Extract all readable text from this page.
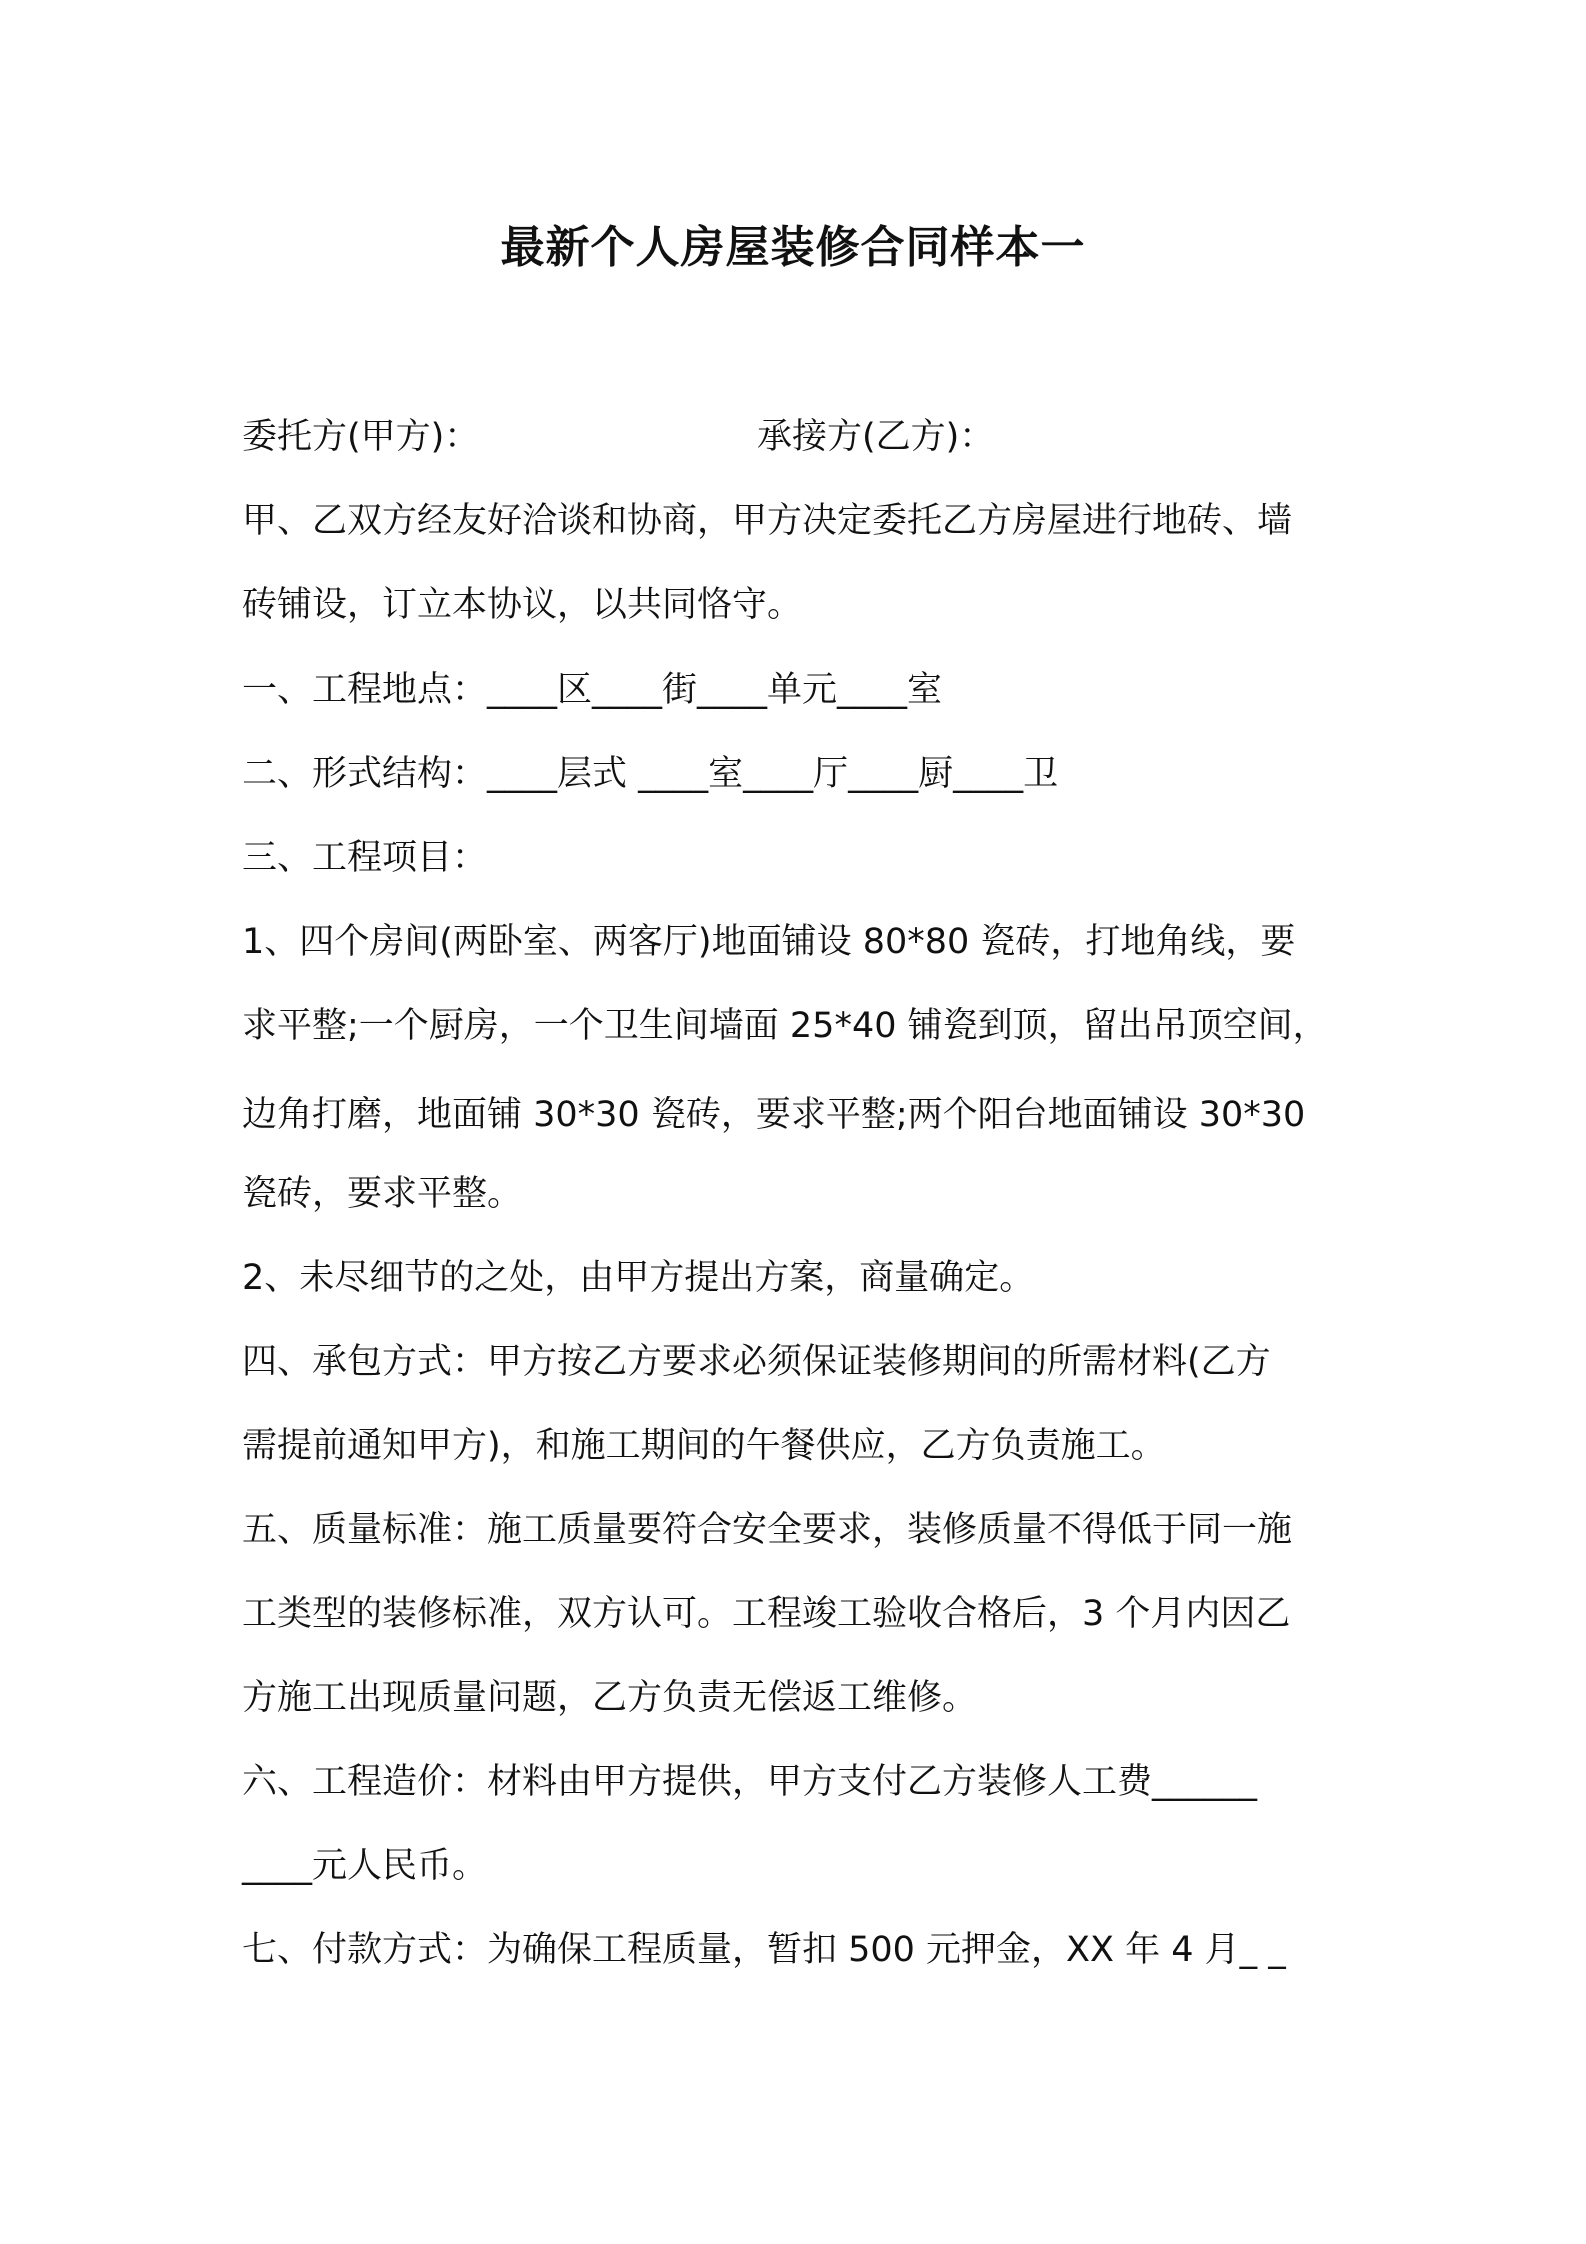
最新个人房屋装修合同样本一
委托方(甲方)：	承接方(乙方)：
甲、乙双方经友好洽谈和协商，甲方决定委托乙方房屋进行地砖、墙
砖铺设，订立本协议，以共同恪守。
一、工程地点：____区____街____单元____室
二、形式结构：____层式 ____室____厅____厨____卫
三、工程项目：
1、四个房间(两卧室、两客厅)地面铺设 80*80 瓷砖，打地角线，要
求平整;一个厨房，一个卫生间墙面 25*40 铺瓷到顶，留出吊顶空间，
边角打磨，地面铺 30*30 瓷砖，要求平整;两个阳台地面铺设 30*30
瓷砖，要求平整。
2、未尽细节的之处，由甲方提出方案，商量确定。
四、承包方式：甲方按乙方要求必须保证装修期间的所需材料(乙方
需提前通知甲方)，和施工期间的午餐供应，乙方负责施工。
五、质量标准：施工质量要符合安全要求，装修质量不得低于同一施
工类型的装修标准，双方认可。工程竣工验收合格后，3 个月内因乙
方施工出现质量问题，乙方负责无偿返工维修。
六、工程造价：材料由甲方提供，甲方支付乙方装修人工费______
____元人民币。
七、付款方式：为确保工程质量，暂扣 500 元押金，XX 年 4 月_ _
